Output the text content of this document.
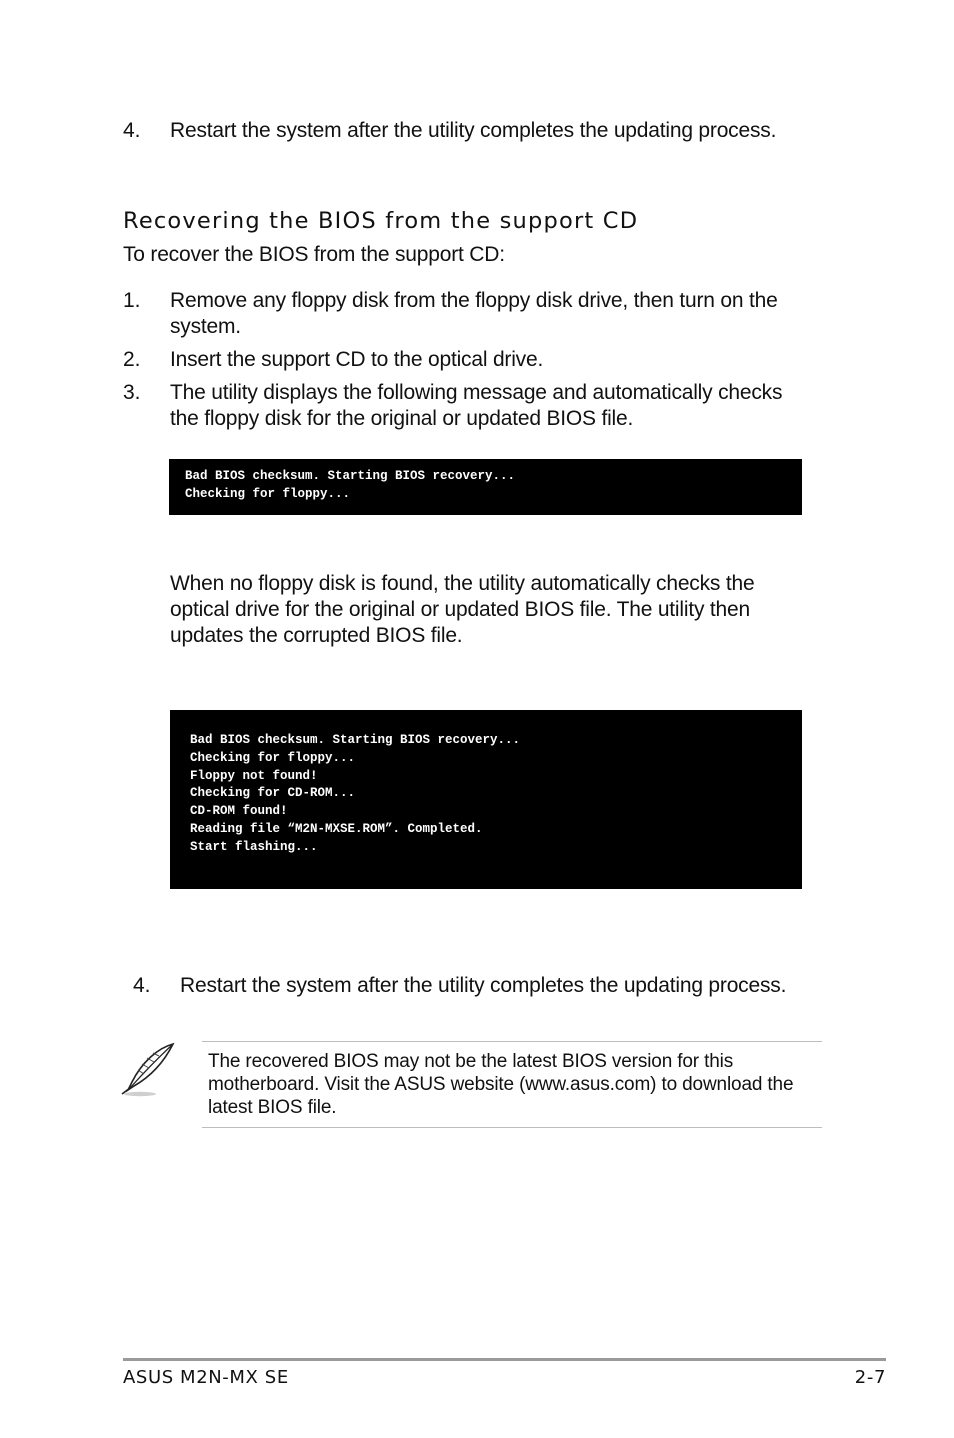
4. Restart the system after the utility completes the updating process.
Recovering the BIOS from the support CD
To recover the BIOS from the support CD:
1. Remove any floppy disk from the floppy disk drive, then turn on the
system.
2. Insert the support CD to the optical drive.
3. The utility displays the following message and automatically checks
the floppy disk for the original or updated BIOS file.
Bad BIOS checksum. Starting BIOS recovery...
Checking for floppy...
When no floppy disk is found, the utility automatically checks the
optical drive for the original or updated BIOS file. The utility then
updates the corrupted BIOS file.
Bad BIOS checksum. Starting BIOS recovery...
Checking for floppy...
Floppy not found!
Checking for CD-ROM...
CD-ROM found!
Reading file “M2N-MXSE.ROM”. Completed.
Start flashing...
4. Restart the system after the utility completes the updating process.
The recovered BIOS may not be the latest BIOS version for this
motherboard. Visit the ASUS website (www.asus.com) to download the
latest BIOS file.
ASUS M2N-MX SE	2-7
